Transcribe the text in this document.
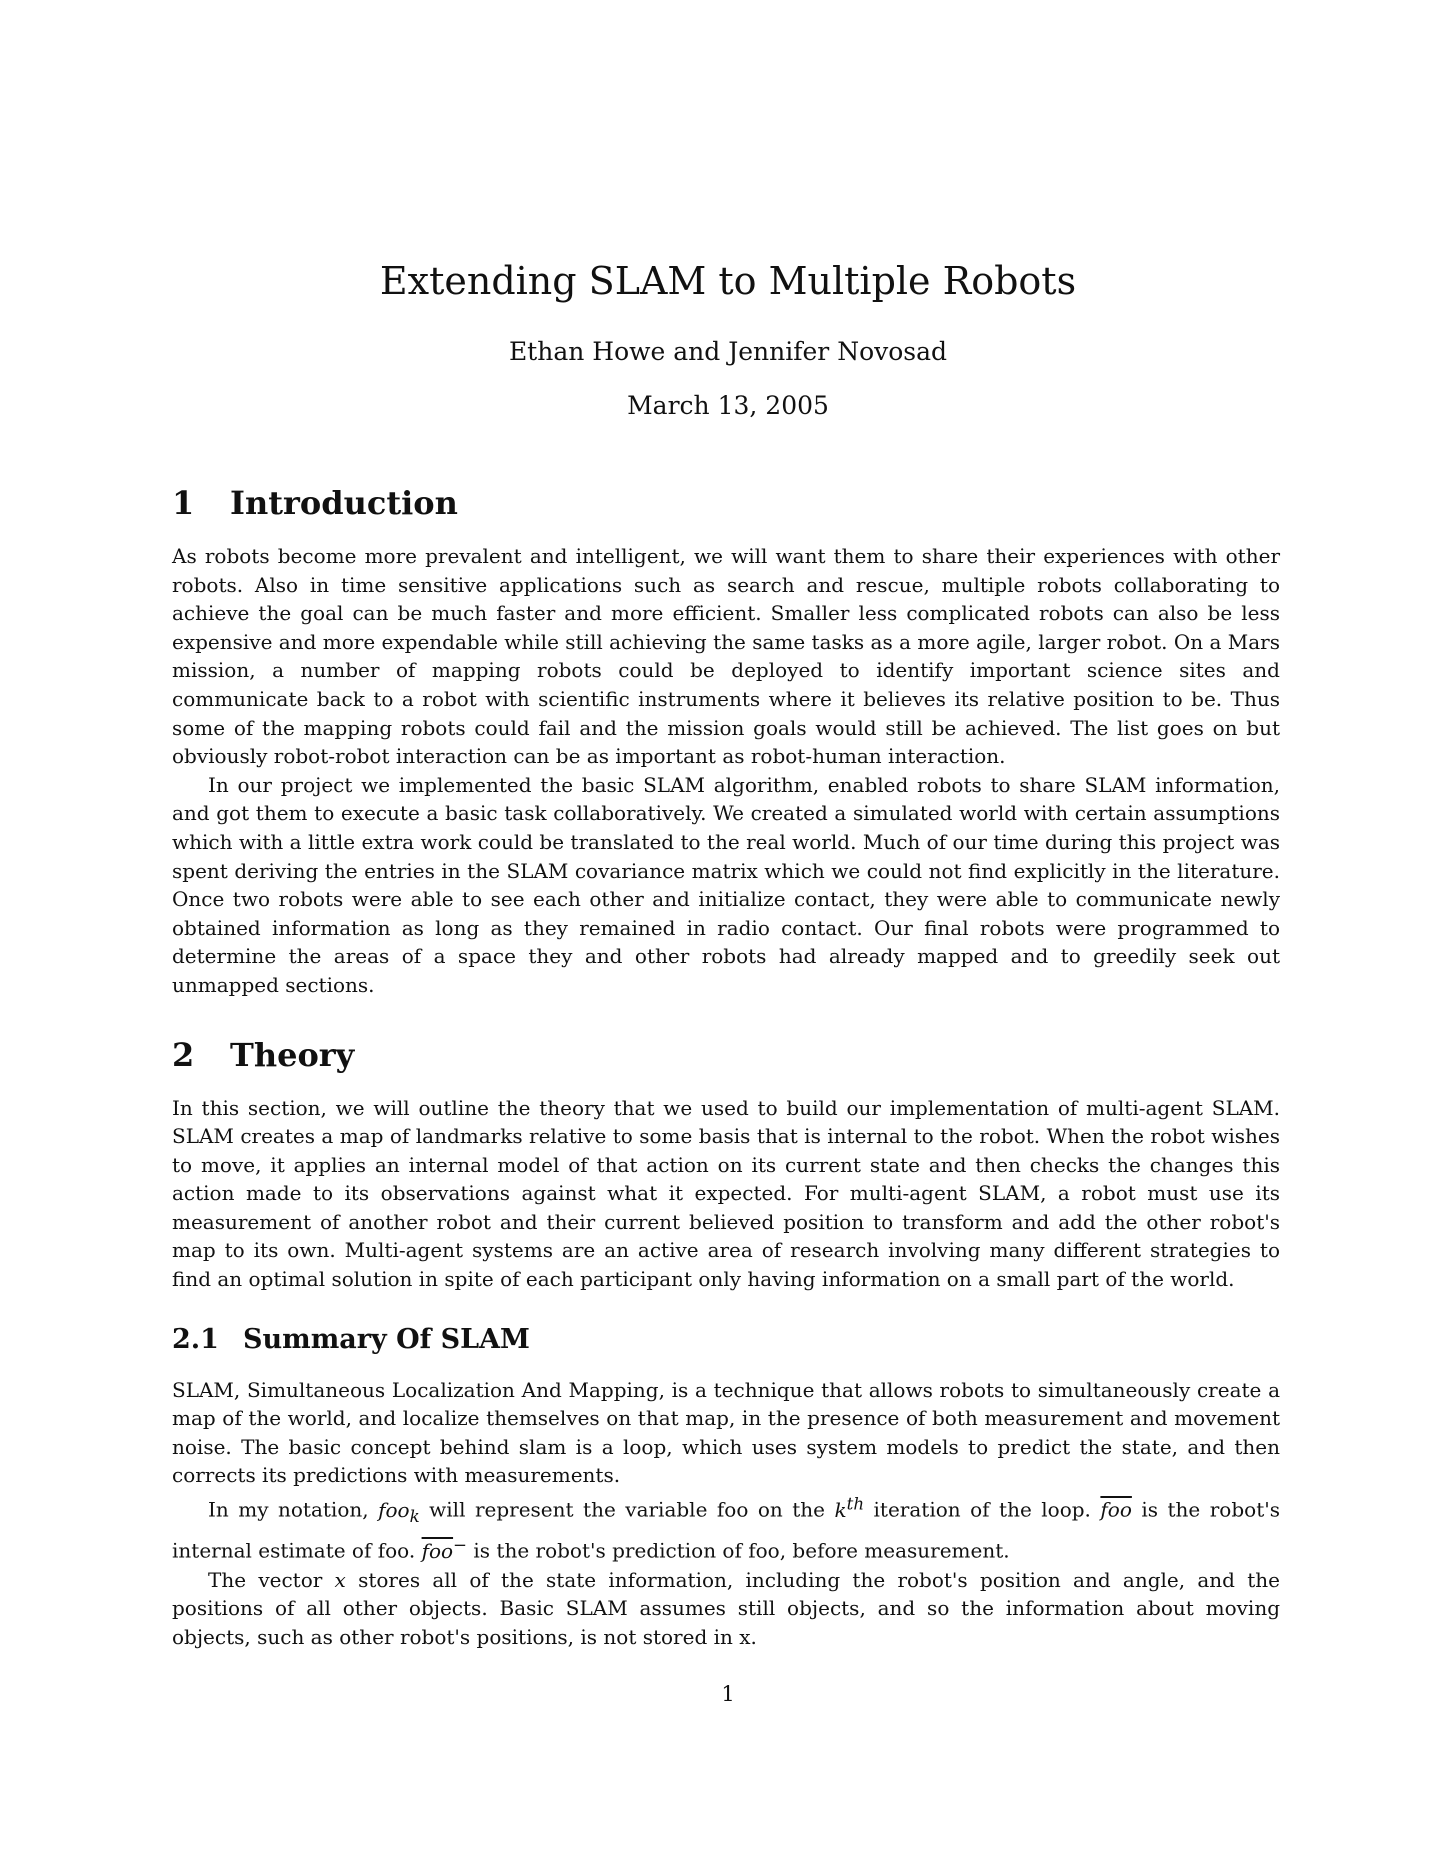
Extending SLAM to Multiple Robots
Ethan Howe and Jennifer Novosad
March 13, 2005
1	Introduction

As robots become more prevalent and intelligent, we will want them to share their experiences with other robots. Also in time sensitive applications such as search and rescue, multiple robots collaborating to achieve the goal can be much faster and more efficient. Smaller less complicated robots can also be less expensive and more expendable while still achieving the same tasks as a more agile, larger robot. On a Mars mission, a number of mapping robots could be deployed to identify important science sites and communicate back to a robot with scientific instruments where it believes its relative position to be. Thus some of the mapping robots could fail and the mission goals would still be achieved. The list goes on but obviously robot-robot interaction can be as important as robot-human interaction.

In our project we implemented the basic SLAM algorithm, enabled robots to share SLAM information, and got them to execute a basic task collaboratively. We created a simulated world with certain assumptions which with a little extra work could be translated to the real world. Much of our time during this project was spent deriving the entries in the SLAM covariance matrix which we could not find explicitly in the literature. Once two robots were able to see each other and initialize contact, they were able to communicate newly obtained information as long as they remained in radio contact. Our final robots were programmed to determine the areas of a space they and other robots had already mapped and to greedily seek out unmapped sections.

2	Theory

In this section, we will outline the theory that we used to build our implementation of multi-agent SLAM. SLAM creates a map of landmarks relative to some basis that is internal to the robot. When the robot wishes to move, it applies an internal model of that action on its current state and then checks the changes this action made to its observations against what it expected. For multi-agent SLAM, a robot must use its measurement of another robot and their current believed position to transform and add the other robot's map to its own. Multi-agent systems are an active area of research involving many different strategies to find an optimal solution in spite of each participant only having information on a small part of the world.

2.1 Summary Of SLAM

SLAM, Simultaneous Localization And Mapping, is a technique that allows robots to simultaneously create a map of the world, and localize themselves on that map, in the presence of both measurement and movement noise. The basic concept behind slam is a loop, which uses system models to predict the state, and then corrects its predictions with measurements.

In my notation, foo$_k$ will represent the variable foo on the $k^{th}$ iteration of the loop. $\overline{foo}$ is the robot's internal estimate of foo. $\overline{foo}^-$ is the robot's prediction of foo, before measurement.

The vector x stores all of the state information, including the robot's position and angle, and the positions of all other objects. Basic SLAM assumes still objects, and so the information about moving objects, such as other robot's positions, is not stored in x.

1
